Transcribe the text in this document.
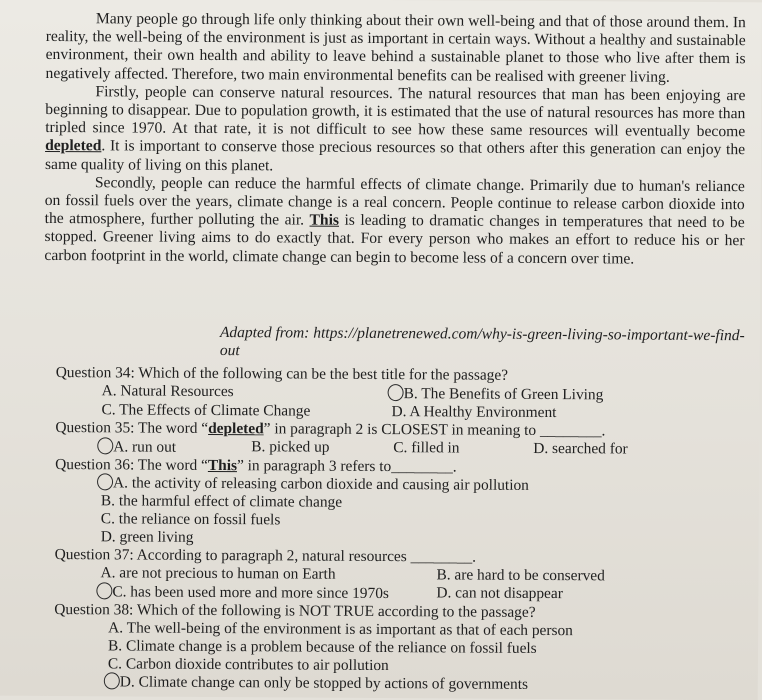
Many people go through life only thinking about their own well-being and that of those around them. In reality, the well-being of the environment is just as important in certain ways. Without a healthy and sustainable environment, their own health and ability to leave behind a sustainable planet to those who live after them is negatively affected. Therefore, two main environmental benefits can be realised with greener living.

Firstly, people can conserve natural resources. The natural resources that man has been enjoying are beginning to disappear. Due to population growth, it is estimated that the use of natural resources has more than tripled since 1970. At that rate, it is not difficult to see how these same resources will eventually become depleted. It is important to conserve those precious resources so that others after this generation can enjoy the same quality of living on this planet.

Secondly, people can reduce the harmful effects of climate change. Primarily due to human's reliance on fossil fuels over the years, climate change is a real concern. People continue to release carbon dioxide into the atmosphere, further polluting the air. This is leading to dramatic changes in temperatures that need to be stopped. Greener living aims to do exactly that. For every person who makes an effort to reduce his or her carbon footprint in the world, climate change can begin to become less of a concern over time.

Adapted from: https://planetrenewed.com/why-is-green-living-so-important-we-find-out
Question 34: Which of the following can be the best title for the passage?
A. Natural Resources	B. The Benefits of Green Living
C. The Effects of Climate Change	D. A Healthy Environment
Question 35: The word “depleted” in paragraph 2 is CLOSEST in meaning to ________.
A. run out	B. picked up	C. filled in	D. searched for
Question 36: The word “This” in paragraph 3 refers to________.
A. the activity of releasing carbon dioxide and causing air pollution
B. the harmful effect of climate change
C. the reliance on fossil fuels
D. green living
Question 37: According to paragraph 2, natural resources ________.
A. are not precious to human on Earth	B. are hard to be conserved
C. has been used more and more since 1970s	D. can not disappear
Question 38: Which of the following is NOT TRUE according to the passage?
A. The well-being of the environment is as important as that of each person
B. Climate change is a problem because of the reliance on fossil fuels
C. Carbon dioxide contributes to air pollution
D. Climate change can only be stopped by actions of governments
